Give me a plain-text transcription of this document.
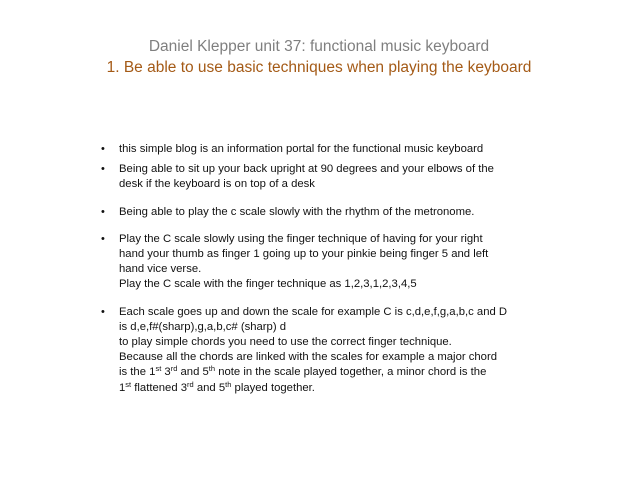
Daniel Klepper unit 37: functional music keyboard
1. Be able to use basic techniques when playing the keyboard
• this simple blog is an information portal for the functional music keyboard
• Being able to sit up your back upright at 90 degrees and your elbows of the
desk if the keyboard is on top of a desk
• Being able to play the c scale slowly with the rhythm of the metronome.
• Play the C scale slowly using the finger technique of having for your right
hand your thumb as finger 1 going up to your pinkie being finger 5 and left
hand vice verse.
Play the C scale with the finger technique as 1,2,3,1,2,3,4,5
• Each scale goes up and down the scale for example C is c,d,e,f,g,a,b,c and D
is d,e,f#(sharp),g,a,b,c# (sharp) d
to play simple chords you need to use the correct finger technique.
Because all the chords are linked with the scales for example a major chord
is the 1st 3rd and 5th note in the scale played together, a minor chord is the
1st flattened 3rd and 5th played together.
